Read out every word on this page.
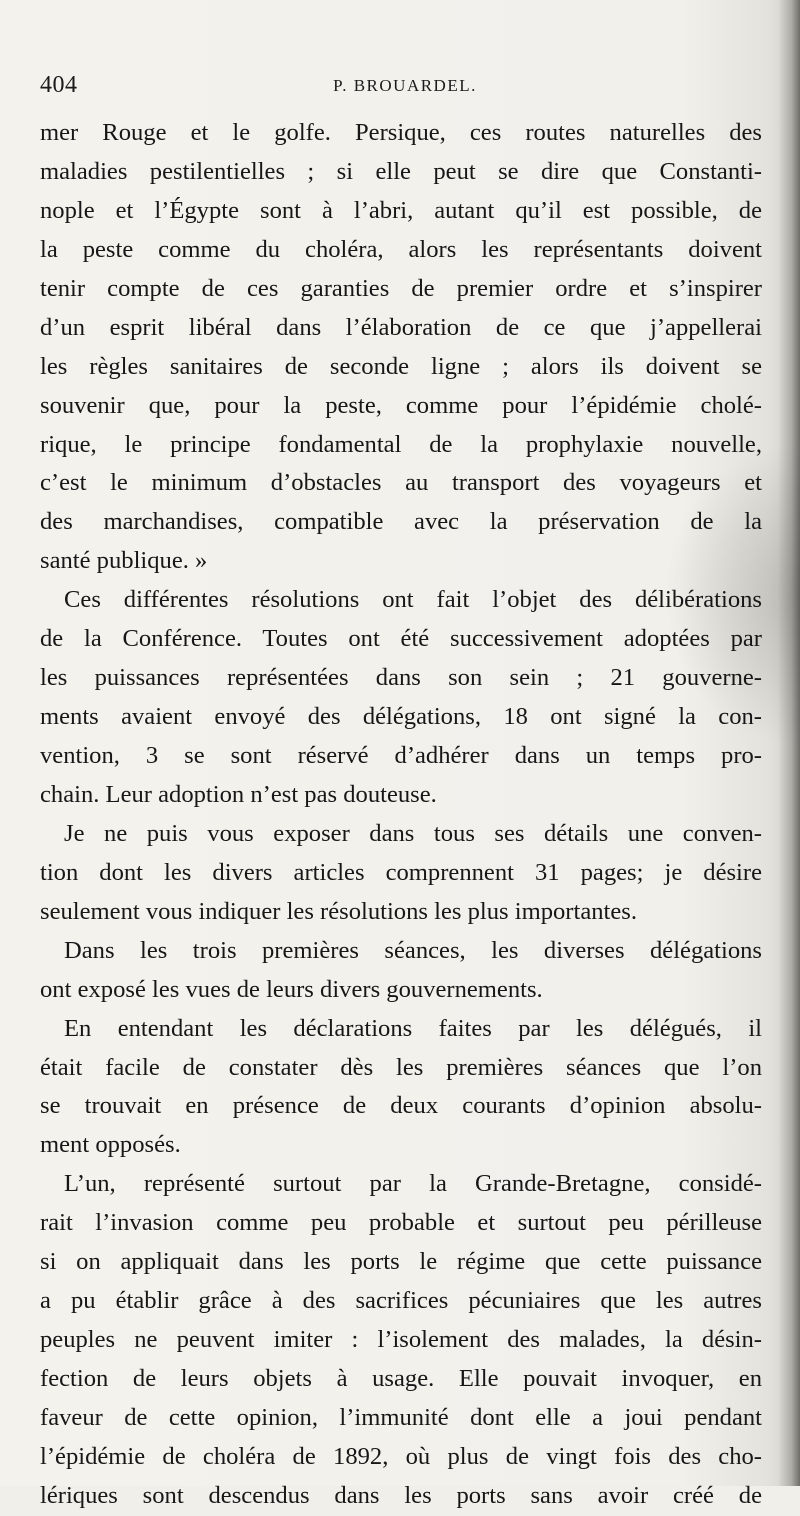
404	P. BROUARDEL.
mer Rouge et le golfe. Persique, ces routes naturelles des
maladies pestilentielles ; si elle peut se dire que Constanti-
nople et l’Égypte sont à l’abri, autant qu’il est possible, de
la peste comme du choléra, alors les représentants doivent
tenir compte de ces garanties de premier ordre et s’inspirer
d’un esprit libéral dans l’élaboration de ce que j’appellerai
les règles sanitaires de seconde ligne ; alors ils doivent se
souvenir que, pour la peste, comme pour l’épidémie cholé-
rique, le principe fondamental de la prophylaxie nouvelle,
c’est le minimum d’obstacles au transport des voyageurs et
des marchandises, compatible avec la préservation de la
santé publique. »
Ces différentes résolutions ont fait l’objet des délibérations
de la Conférence. Toutes ont été successivement adoptées par
les puissances représentées dans son sein ; 21 gouverne-
ments avaient envoyé des délégations, 18 ont signé la con-
vention, 3 se sont réservé d’adhérer dans un temps pro-
chain. Leur adoption n’est pas douteuse.
Je ne puis vous exposer dans tous ses détails une conven-
tion dont les divers articles comprennent 31 pages; je désire
seulement vous indiquer les résolutions les plus importantes.
Dans les trois premières séances, les diverses délégations
ont exposé les vues de leurs divers gouvernements.
En entendant les déclarations faites par les délégués, il
était facile de constater dès les premières séances que l’on
se trouvait en présence de deux courants d’opinion absolu-
ment opposés.
L’un, représenté surtout par la Grande-Bretagne, considé-
rait l’invasion comme peu probable et surtout peu périlleuse
si on appliquait dans les ports le régime que cette puissance
a pu établir grâce à des sacrifices pécuniaires que les autres
peuples ne peuvent imiter : l’isolement des malades, la désin-
fection de leurs objets à usage. Elle pouvait invoquer, en
faveur de cette opinion, l’immunité dont elle a joui pendant
l’épidémie de choléra de 1892, où plus de vingt fois des cho-
lériques sont descendus dans les ports sans avoir créé de
